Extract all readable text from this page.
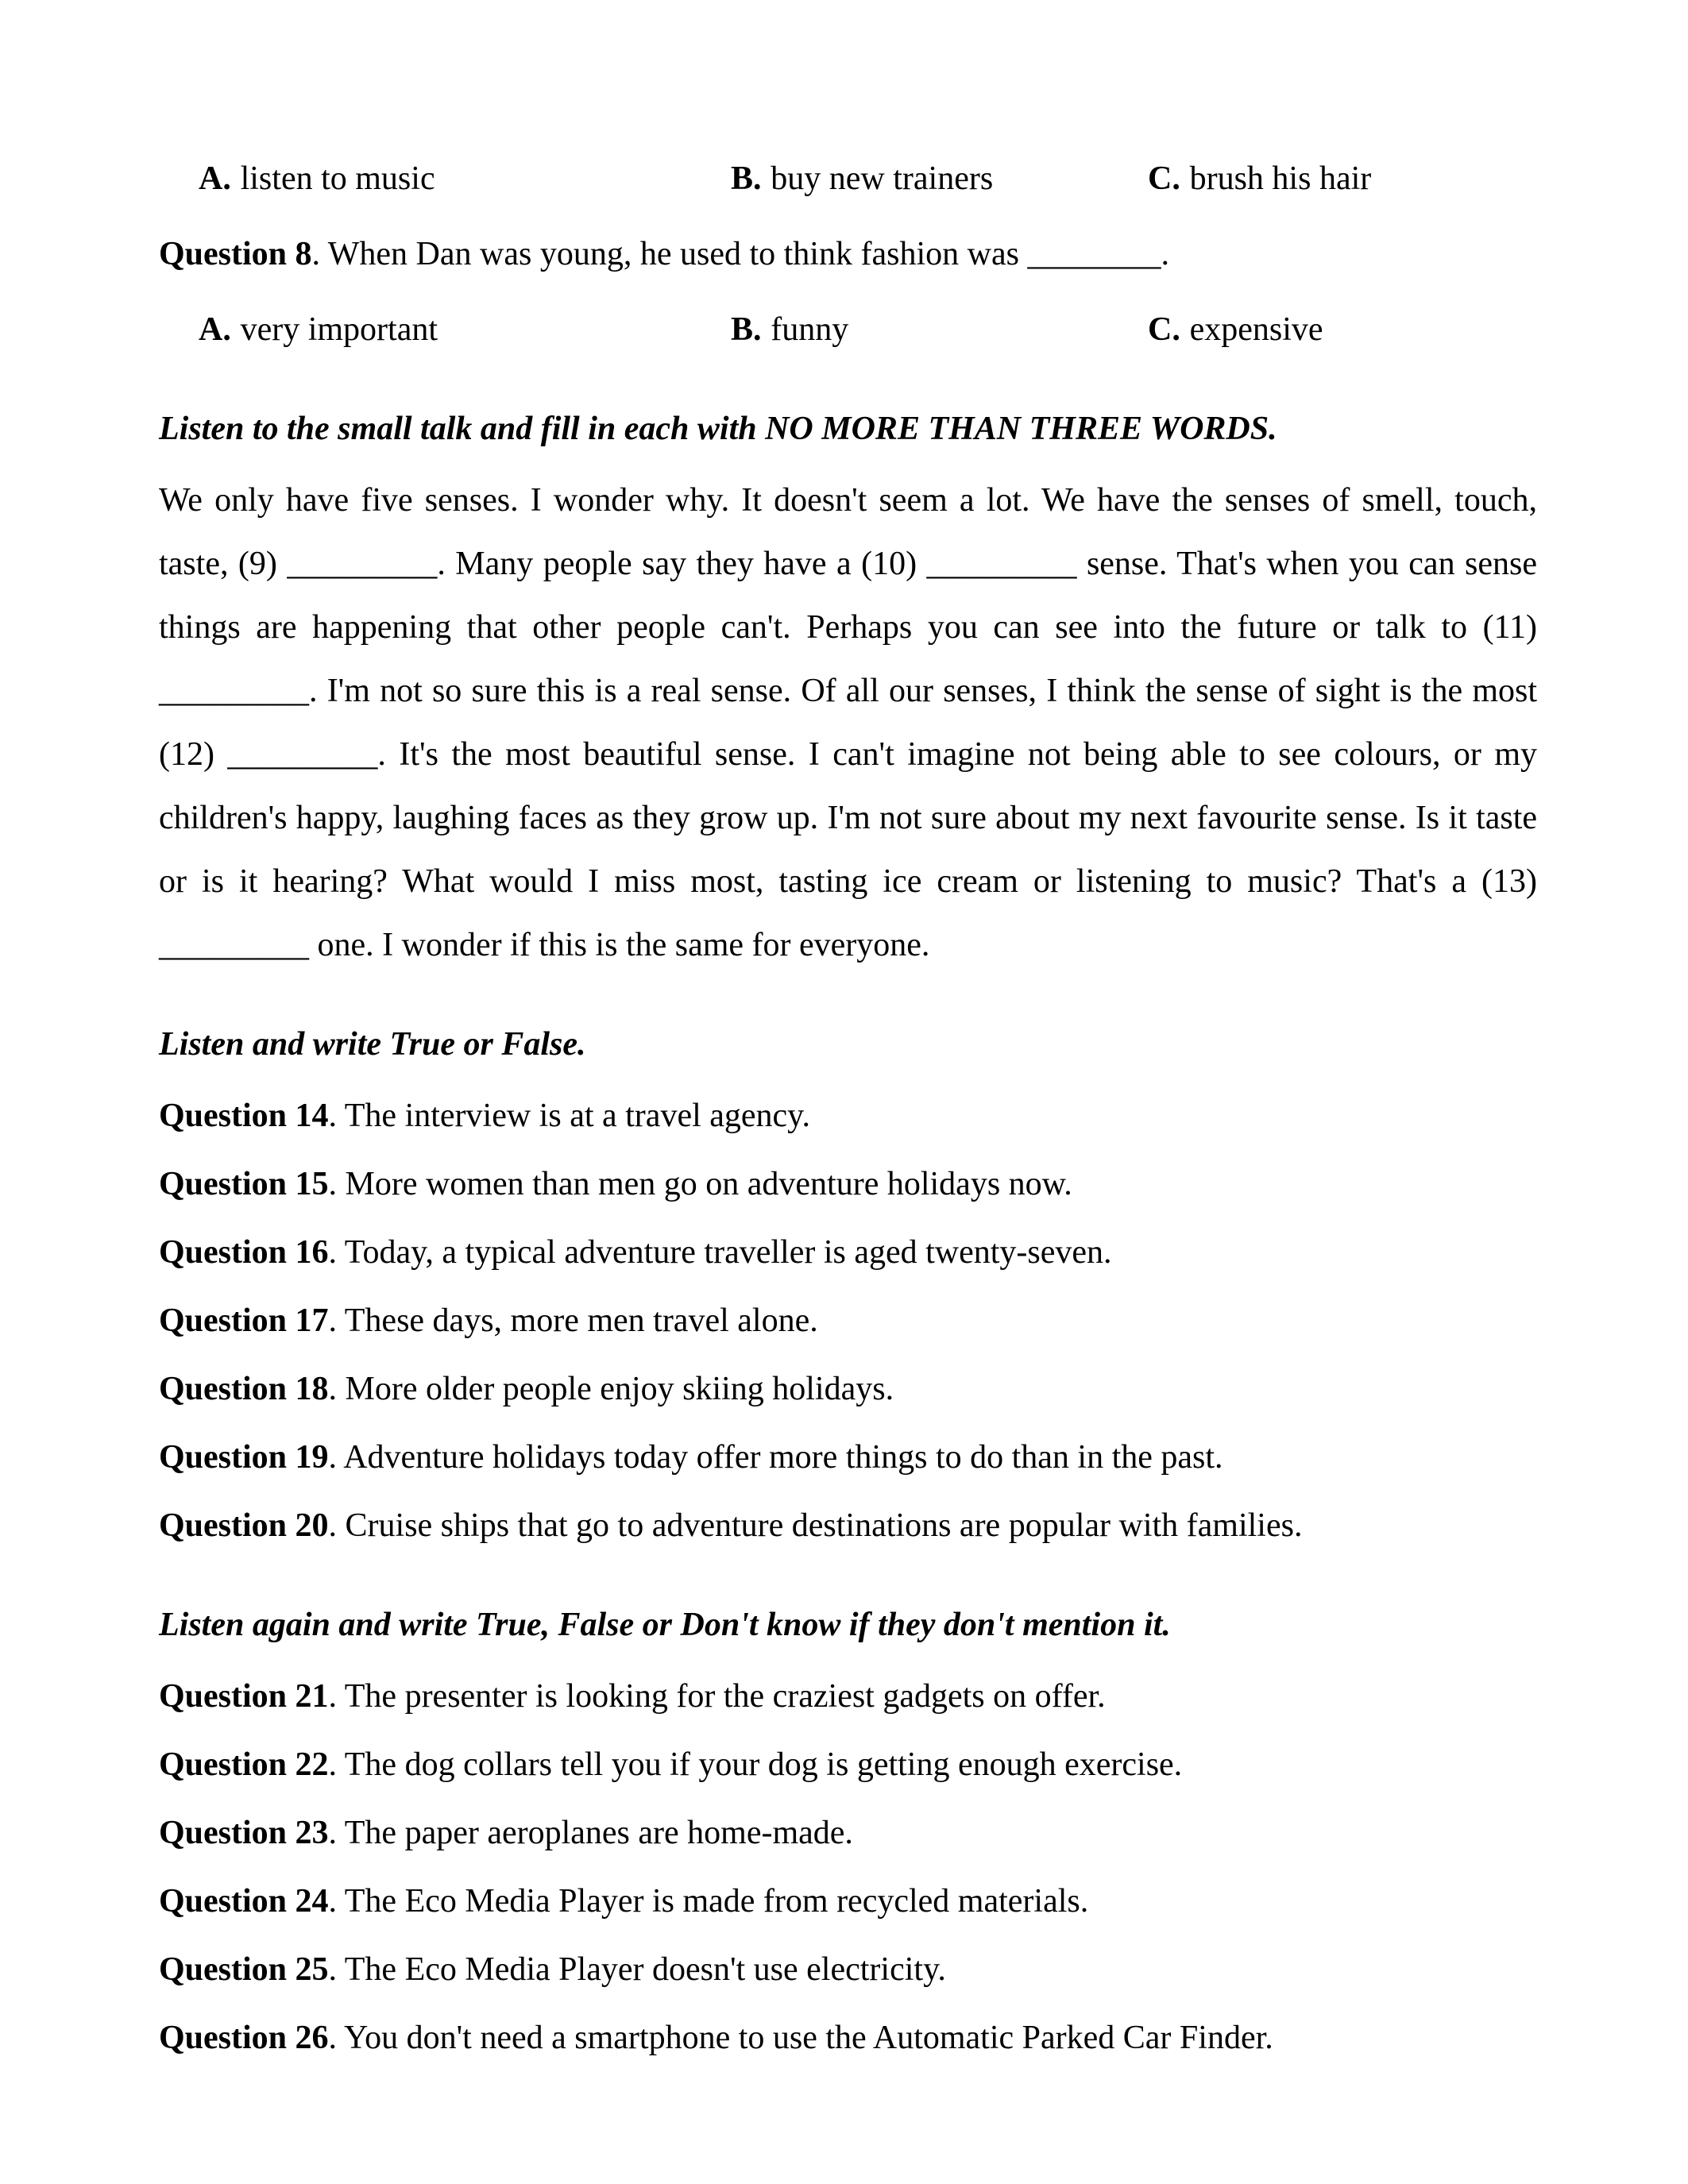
A. listen to music	B. buy new trainers	C. brush his hair
Question 8. When Dan was young, he used to think fashion was ________.
A. very important	B. funny	C. expensive
Listen to the small talk and fill in each with NO MORE THAN THREE WORDS.
We only have five senses. I wonder why. It doesn't seem a lot. We have the senses of smell, touch, taste, (9) _________. Many people say they have a (10) _________ sense. That's when you can sense things are happening that other people can't. Perhaps you can see into the future or talk to (11) _________. I'm not so sure this is a real sense. Of all our senses, I think the sense of sight is the most (12) _________. It's the most beautiful sense. I can't imagine not being able to see colours, or my children's happy, laughing faces as they grow up. I'm not sure about my next favourite sense. Is it taste or is it hearing? What would I miss most, tasting ice cream or listening to music? That's a (13) _________ one. I wonder if this is the same for everyone.
Listen and write True or False.
Question 14. The interview is at a travel agency.
Question 15. More women than men go on adventure holidays now.
Question 16. Today, a typical adventure traveller is aged twenty-seven.
Question 17. These days, more men travel alone.
Question 18. More older people enjoy skiing holidays.
Question 19. Adventure holidays today offer more things to do than in the past.
Question 20. Cruise ships that go to adventure destinations are popular with families.
Listen again and write True, False or Don't know if they don't mention it.
Question 21. The presenter is looking for the craziest gadgets on offer.
Question 22. The dog collars tell you if your dog is getting enough exercise.
Question 23. The paper aeroplanes are home-made.
Question 24. The Eco Media Player is made from recycled materials.
Question 25. The Eco Media Player doesn't use electricity.
Question 26. You don't need a smartphone to use the Automatic Parked Car Finder.
